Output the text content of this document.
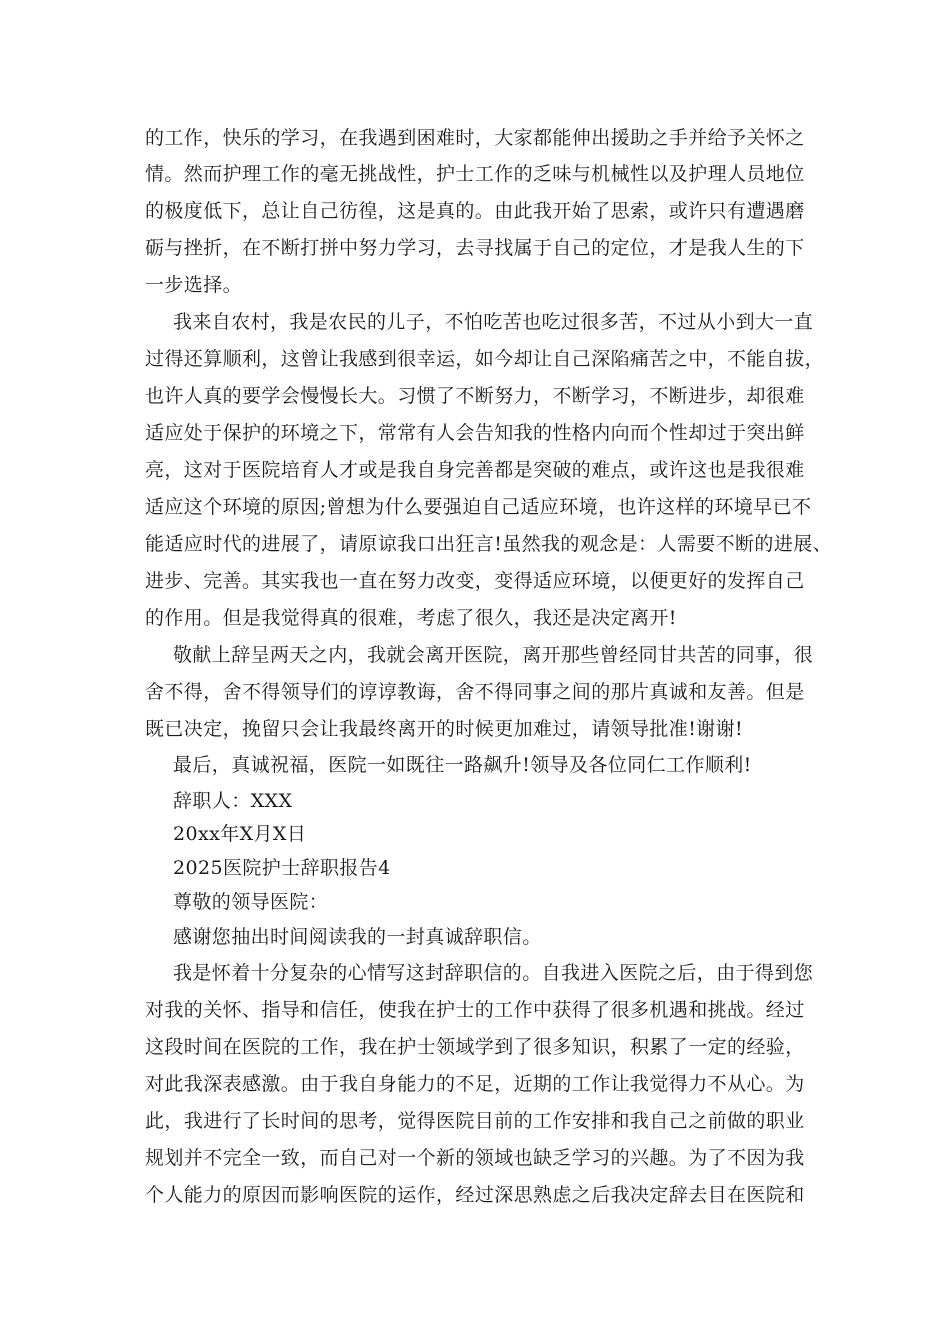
的工作，快乐的学习，在我遇到困难时，大家都能伸出援助之手并给予关怀之
情。然而护理工作的毫无挑战性，护士工作的乏味与机械性以及护理人员地位
的极度低下，总让自己彷徨，这是真的。由此我开始了思索，或许只有遭遇磨
砺与挫折，在不断打拼中努力学习，去寻找属于自己的定位，才是我人生的下
一步选择。
我来自农村，我是农民的儿子，不怕吃苦也吃过很多苦，不过从小到大一直
过得还算顺利，这曾让我感到很幸运，如今却让自己深陷痛苦之中，不能自拔，
也许人真的要学会慢慢长大。习惯了不断努力，不断学习，不断进步，却很难
适应处于保护的环境之下，常常有人会告知我的性格内向而个性却过于突出鲜
亮，这对于医院培育人才或是我自身完善都是突破的难点，或许这也是我很难
适应这个环境的原因;曾想为什么要强迫自己适应环境，也许这样的环境早已不
能适应时代的进展了，请原谅我口出狂言!虽然我的观念是：人需要不断的进展、
进步、完善。其实我也一直在努力改变，变得适应环境，以便更好的发挥自己
的作用。但是我觉得真的很难，考虑了很久，我还是决定离开!
敬献上辞呈两天之内，我就会离开医院，离开那些曾经同甘共苦的同事，很
舍不得，舍不得领导们的谆谆教诲，舍不得同事之间的那片真诚和友善。但是
既已决定，挽留只会让我最终离开的时候更加难过，请领导批准!谢谢!
最后，真诚祝福，医院一如既往一路飙升!领导及各位同仁工作顺利!
辞职人：XXX
20xx年X月X日
2025医院护士辞职报告4
尊敬的领导医院：
感谢您抽出时间阅读我的一封真诚辞职信。
我是怀着十分复杂的心情写这封辞职信的。自我进入医院之后，由于得到您
对我的关怀、指导和信任，使我在护士的工作中获得了很多机遇和挑战。经过
这段时间在医院的工作，我在护士领域学到了很多知识，积累了一定的经验，
对此我深表感激。由于我自身能力的不足，近期的工作让我觉得力不从心。为
此，我进行了长时间的思考，觉得医院目前的工作安排和我自己之前做的职业
规划并不完全一致，而自己对一个新的领域也缺乏学习的兴趣。为了不因为我
个人能力的原因而影响医院的运作，经过深思熟虑之后我决定辞去目在医院和
